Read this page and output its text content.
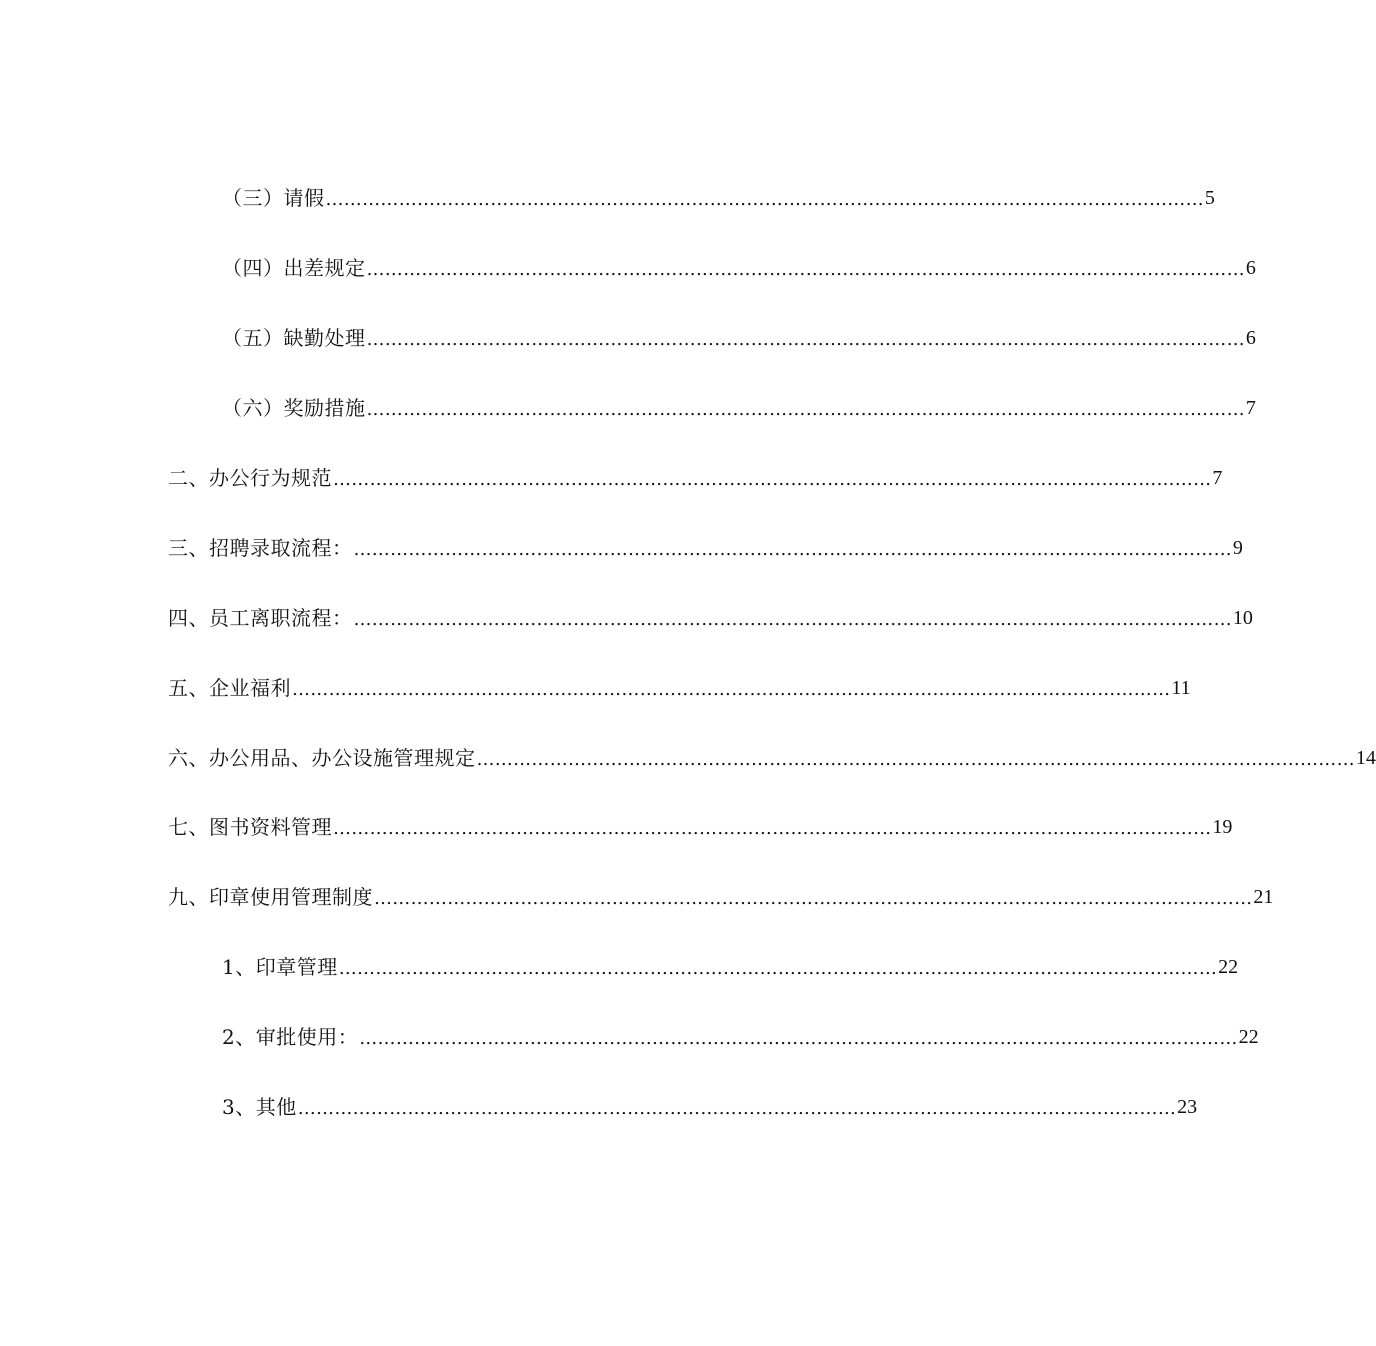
（三）请假 ……………………………………………………………………………………………………………………………… 5
（四）出差规定 ……………………………………………………………………………………………………………………………… 6
（五）缺勤处理 ……………………………………………………………………………………………………………………………… 6
（六）奖励措施 ……………………………………………………………………………………………………………………………… 7
二、办公行为规范 ……………………………………………………………………………………………………………………………… 7
三、招聘录取流程： ……………………………………………………………………………………………………………………………… 9
四、员工离职流程： ……………………………………………………………………………………………………………………………… 10
五、企业福利 ……………………………………………………………………………………………………………………………… 11
六、办公用品、办公设施管理规定 ……………………………………………………………………………………………………………………………… 14
七、图书资料管理 ……………………………………………………………………………………………………………………………… 19
九、印章使用管理制度 ……………………………………………………………………………………………………………………………… 21
1、印章管理 ……………………………………………………………………………………………………………………………… 22
2、审批使用： ……………………………………………………………………………………………………………………………… 22
3、其他 ……………………………………………………………………………………………………………………………… 23
